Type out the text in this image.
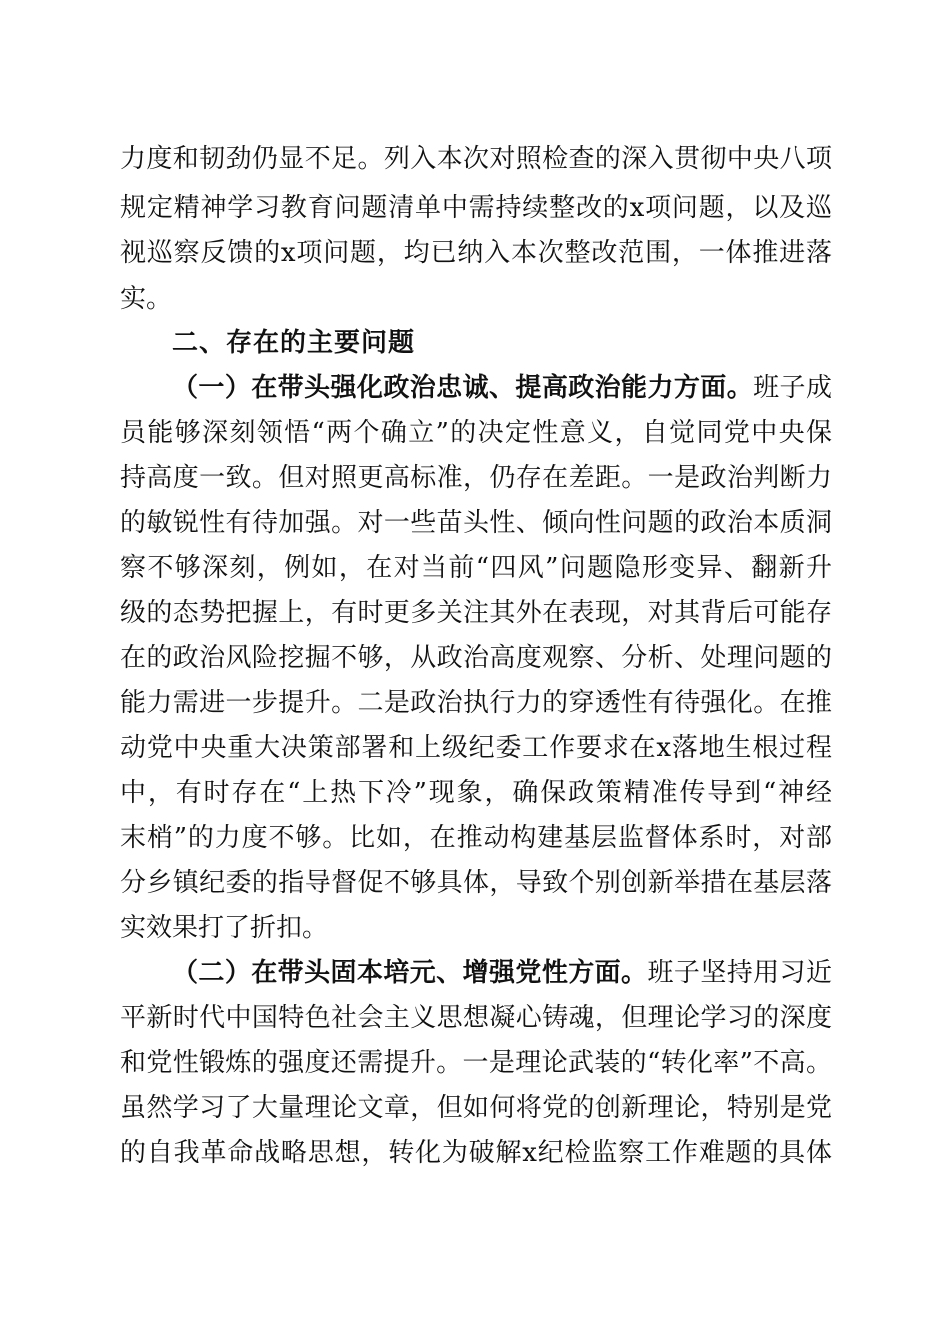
力度和韧劲仍显不足。列入本次对照检查的深入贯彻中央八项
规定精神学习教育问题清单中需持续整改的x项问题，以及巡
视巡察反馈的x项问题，均已纳入本次整改范围，一体推进落
实。
二、存在的主要问题
（一）在带头强化政治忠诚、提高政治能力方面。班子成
员能够深刻领悟“两个确立”的决定性意义，自觉同党中央保
持高度一致。但对照更高标准，仍存在差距。一是政治判断力
的敏锐性有待加强。对一些苗头性、倾向性问题的政治本质洞
察不够深刻，例如，在对当前“四风”问题隐形变异、翻新升
级的态势把握上，有时更多关注其外在表现，对其背后可能存
在的政治风险挖掘不够，从政治高度观察、分析、处理问题的
能力需进一步提升。二是政治执行力的穿透性有待强化。在推
动党中央重大决策部署和上级纪委工作要求在x落地生根过程
中，有时存在“上热下冷”现象，确保政策精准传导到“神经
末梢”的力度不够。比如，在推动构建基层监督体系时，对部
分乡镇纪委的指导督促不够具体，导致个别创新举措在基层落
实效果打了折扣。
（二）在带头固本培元、增强党性方面。班子坚持用习近
平新时代中国特色社会主义思想凝心铸魂，但理论学习的深度
和党性锻炼的强度还需提升。一是理论武装的“转化率”不高。
虽然学习了大量理论文章，但如何将党的创新理论，特别是党
的自我革命战略思想，转化为破解x纪检监察工作难题的具体
